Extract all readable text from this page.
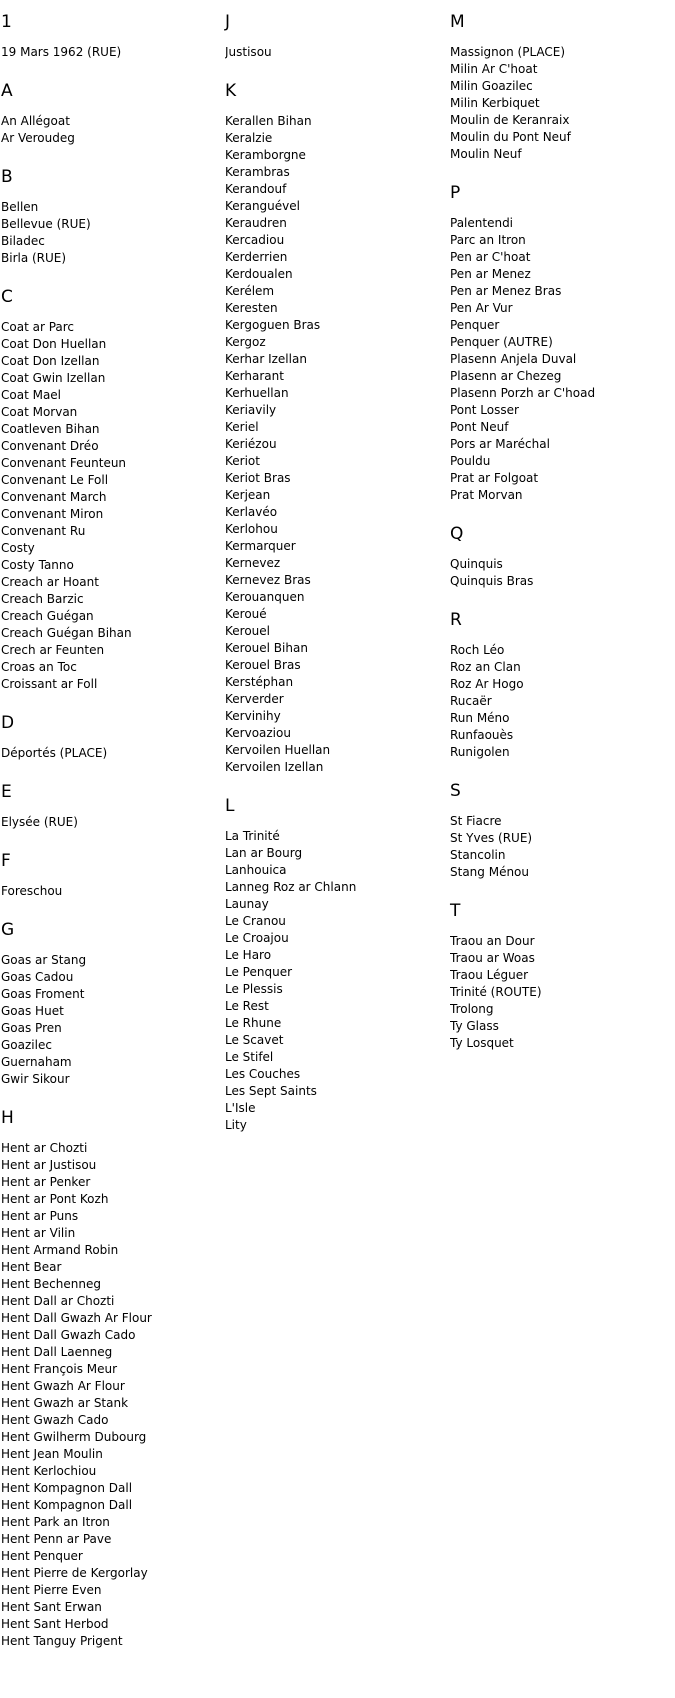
1
19 Mars 1962 (RUE)
A
An Allégoat
Ar Veroudeg
B
Bellen
Bellevue (RUE)
Biladec
Birla (RUE)
C
Coat ar Parc
Coat Don Huellan
Coat Don Izellan
Coat Gwin Izellan
Coat Mael
Coat Morvan
Coatleven Bihan
Convenant Dréo
Convenant Feunteun
Convenant Le Foll
Convenant March
Convenant Miron
Convenant Ru
Costy
Costy Tanno
Creach ar Hoant
Creach Barzic
Creach Guégan
Creach Guégan Bihan
Crech ar Feunten
Croas an Toc
Croissant ar Foll
D
Déportés (PLACE)
E
Elysée (RUE)
F
Foreschou
G
Goas ar Stang
Goas Cadou
Goas Froment
Goas Huet
Goas Pren
Goazilec
Guernaham
Gwir Sikour
H
Hent ar Chozti
Hent ar Justisou
Hent ar Penker
Hent ar Pont Kozh
Hent ar Puns
Hent ar Vilin
Hent Armand Robin
Hent Bear
Hent Bechenneg
Hent Dall ar Chozti
Hent Dall Gwazh Ar Flour
Hent Dall Gwazh Cado
Hent Dall Laenneg
Hent François Meur
Hent Gwazh Ar Flour
Hent Gwazh ar Stank
Hent Gwazh Cado
Hent Gwilherm Dubourg
Hent Jean Moulin
Hent Kerlochiou
Hent Kompagnon Dall
Hent Kompagnon Dall
Hent Park an Itron
Hent Penn ar Pave
Hent Penquer
Hent Pierre de Kergorlay
Hent Pierre Even
Hent Sant Erwan
Hent Sant Herbod
Hent Tanguy Prigent
J
Justisou
K
Kerallen Bihan
Keralzie
Keramborgne
Kerambras
Kerandouf
Keranguével
Keraudren
Kercadiou
Kerderrien
Kerdoualen
Kerélem
Keresten
Kergoguen Bras
Kergoz
Kerhar Izellan
Kerharant
Kerhuellan
Keriavily
Keriel
Keriézou
Keriot
Keriot Bras
Kerjean
Kerlavéo
Kerlohou
Kermarquer
Kernevez
Kernevez Bras
Kerouanquen
Keroué
Kerouel
Kerouel Bihan
Kerouel Bras
Kerstéphan
Kerverder
Kervinihy
Kervoaziou
Kervoilen Huellan
Kervoilen Izellan
L
La Trinité
Lan ar Bourg
Lanhouica
Lanneg Roz ar Chlann
Launay
Le Cranou
Le Croajou
Le Haro
Le Penquer
Le Plessis
Le Rest
Le Rhune
Le Scavet
Le Stifel
Les Couches
Les Sept Saints
L'Isle
Lity
M
Massignon (PLACE)
Milin Ar C'hoat
Milin Goazilec
Milin Kerbiquet
Moulin de Keranraix
Moulin du Pont Neuf
Moulin Neuf
P
Palentendi
Parc an Itron
Pen ar C'hoat
Pen ar Menez
Pen ar Menez Bras
Pen Ar Vur
Penquer
Penquer (AUTRE)
Plasenn Anjela Duval
Plasenn ar Chezeg
Plasenn Porzh ar C'hoad
Pont Losser
Pont Neuf
Pors ar Maréchal
Pouldu
Prat ar Folgoat
Prat Morvan
Q
Quinquis
Quinquis Bras
R
Roch Léo
Roz an Clan
Roz Ar Hogo
Rucaër
Run Méno
Runfaouès
Runigolen
S
St Fiacre
St Yves (RUE)
Stancolin
Stang Ménou
T
Traou an Dour
Traou ar Woas
Traou Léguer
Trinité (ROUTE)
Trolong
Ty Glass
Ty Losquet
